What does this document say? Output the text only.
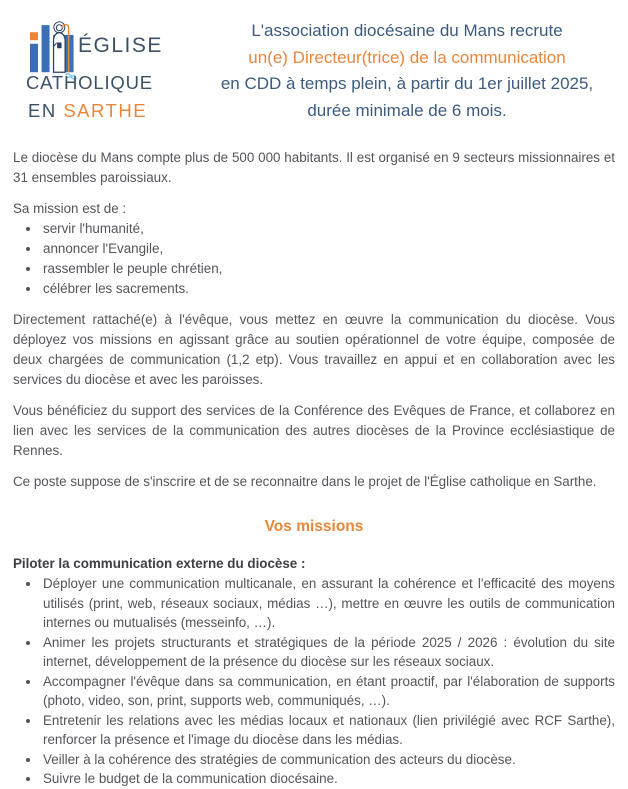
ÉGLISE
CATHOLIQUE
EN SARTHE
L'association diocésaine du Mans recrute
un(e) Directeur(trice) de la communication
en CDD à temps plein, à partir du 1er juillet 2025,
durée minimale de 6 mois.

Le diocèse du Mans compte plus de 500 000 habitants. Il est organisé en 9 secteurs missionnaires et 31 ensembles paroissiaux.

Sa mission est de :

• servir l'humanité,
• annoncer l'Evangile,
• rassembler le peuple chrétien,
• célébrer les sacrements.

Directement rattaché(e) à l'évêque, vous mettez en œuvre la communication du diocèse. Vous déployez vos missions en agissant grâce au soutien opérationnel de votre équipe, composée de deux chargées de communication (1,2 etp). Vous travaillez en appui et en collaboration avec les services du diocèse et avec les paroisses.

Vous bénéficiez du support des services de la Conférence des Evêques de France, et collaborez en lien avec les services de la communication des autres diocèses de la Province ecclésiastique de Rennes.

Ce poste suppose de s'inscrire et de se reconnaitre dans le projet de l'Église catholique en Sarthe.

Vos missions

Piloter la communication externe du diocèse :

• Déployer une communication multicanale, en assurant la cohérence et l'efficacité des moyens utilisés (print, web, réseaux sociaux, médias …), mettre en œuvre les outils de communication internes ou mutualisés (messeinfo, …).
• Animer les projets structurants et stratégiques de la période 2025 / 2026 : évolution du site internet, développement de la présence du diocèse sur les réseaux sociaux.
• Accompagner l'évêque dans sa communication, en étant proactif, par l'élaboration de supports (photo, video, son, print, supports web, communiqués, …).
• Entretenir les relations avec les médias locaux et nationaux (lien privilégié avec RCF Sarthe), renforcer la présence et l'image du diocèse dans les médias.
• Veiller à la cohérence des stratégies de communication des acteurs du diocèse.
• Suivre le budget de la communication diocésaine.
